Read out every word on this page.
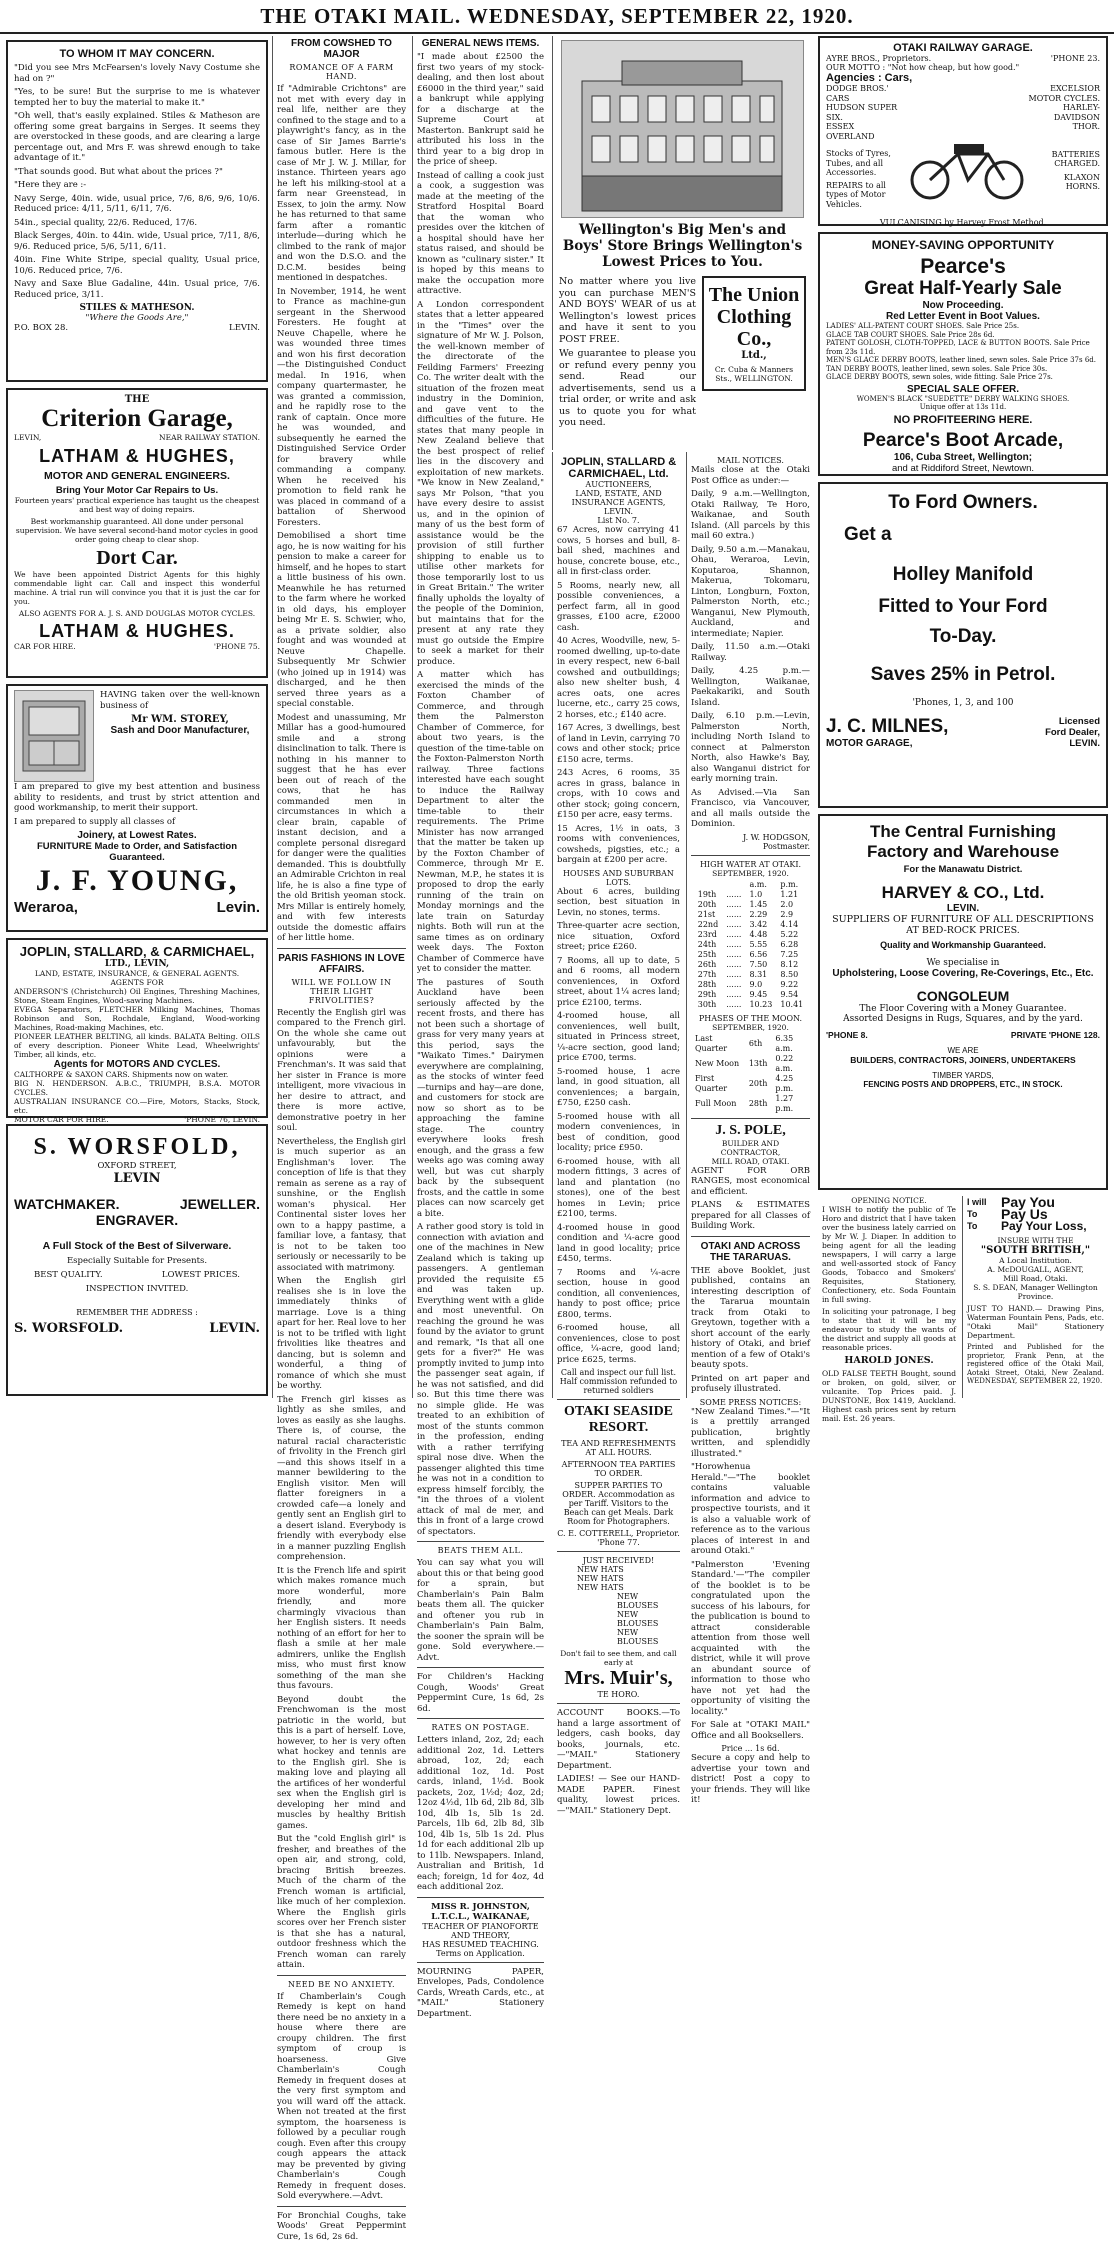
THE OTAKI MAIL. WEDNESDAY, SEPTEMBER 22, 1920.
TO WHOM IT MAY CONCERN.

"Did you see Mrs McFearsen's lovely Navy Costume she had on ?"

"Yes, to be sure! But the surprise to me is whatever tempted her to buy the material to make it."

"Oh well, that's easily explained. Stiles & Matheson are offering some great bargains in Serges. It seems they are overstocked in these goods, and are clearing a large percentage out, and Mrs F. was shrewd enough to take advantage of it."

"That sounds good. But what about the prices ?"

"Here they are :-

Navy Serge, 40in. wide, usual price, 7/6, 8/6, 9/6, 10/6. Reduced price: 4/11, 5/11, 6/11, 7/6.

54in., special quality, 22/6. Reduced, 17/6.

Black Serges, 40in. to 44in. wide, Usual price, 7/11, 8/6, 9/6. Reduced price, 5/6, 5/11, 6/11.

40in. Fine White Stripe, special quality, Usual price, 10/6. Reduced price, 7/6.

Navy and Saxe Blue Gadaline, 44in. Usual price, 7/6. Reduced price, 3/11.

STILES & MATHESON.
"Where the Goods Are,"
P.O. BOX 28.	LEVIN.
THE
Criterion Garage,
LEVIN,	NEAR RAILWAY STATION.
LATHAM & HUGHES,
MOTOR AND GENERAL ENGINEERS.
Bring Your Motor Car Repairs to Us.

Fourteen years' practical experience has taught us the cheapest and best way of doing repairs.

Best workmanship guaranteed. All done under personal supervision. We have several second-hand motor cycles in good order going cheap to clear shop.

Dort Car.

We have been appointed District Agents for this highly commendable light car. Call and inspect this wonderful machine. A trial run will convince you that it is just the car for you.

ALSO AGENTS FOR A. J. S. AND DOUGLAS MOTOR CYCLES.
LATHAM & HUGHES.
CAR FOR HIRE.	'PHONE 75.

HAVING taken over the well-known business of

Mr WM. STOREY,
Sash and Door Manufacturer,

I am prepared to give my best attention and business ability to residents, and trust by strict attention and good workmanship, to merit their support.

I am prepared to supply all classes of

Joinery, at Lowest Rates.
FURNITURE Made to Order, and Satisfaction Guaranteed.
J. F. YOUNG,
Weraroa,	Levin.
JOPLIN, STALLARD, & CARMICHAEL,
LTD., LEVIN,
LAND, ESTATE, INSURANCE, & GENERAL AGENTS.
AGENTS FOR

ANDERSON'S (Christchurch) Oil Engines, Threshing Machines, Stone, Steam Engines, Wood-sawing Machines.

EVEGA Separators, FLETCHER Milking Machines, Thomas Robinson and Son, Rochdale, England, Wood-working Machines, Road-making Machines, etc.

PIONEER LEATHER BELTING, all kinds. BALATA Belting. OILS of every description. Pioneer White Lead, Wheelwrights' Timber, all kinds, etc.

Agents for MOTORS AND CYCLES.

CALTHORPE & SAXON CARS. Shipments now on water.

BIG N. HENDERSON. A.B.C., TRIUMPH, B.S.A. MOTOR CYCLES.

AUSTRALIAN INSURANCE CO.—Fire, Motors, Stacks, Stock, etc.

MOTOR CAR FOR HIRE.	'PHONE 76, LEVIN.
S. WORSFOLD,
OXFORD STREET,
LEVIN
WATCHMAKER.	JEWELLER.
ENGRAVER.
A Full Stock of the Best of Silverware.
Especially Suitable for Presents.
BEST QUALITY.	LOWEST PRICES.
INSPECTION INVITED.
REMEMBER THE ADDRESS :
S. WORSFOLD.	LEVIN.
FROM COWSHED TO MAJOR
ROMANCE OF A FARM HAND.

If "Admirable Crichtons" are not met with every day in real life, neither are they confined to the stage and to a playwright's fancy, as in the case of Sir James Barrie's famous butler. Here is the case of Mr J. W. J. Millar, for instance. Thirteen years ago he left his milking-stool at a farm near Greenstead, in Essex, to join the army. Now he has returned to that same farm after a romantic interlude—during which he climbed to the rank of major and won the D.S.O. and the D.C.M. besides being mentioned in despatches.

In November, 1914, he went to France as machine-gun sergeant in the Sherwood Foresters. He fought at Neuve Chapelle, where he was wounded three times and won his first decoration—the Distinguished Conduct medal. In 1916, when company quartermaster, he was granted a commission, and he rapidly rose to the rank of captain. Once more he was wounded, and subsequently he earned the Distinguished Service Order for bravery while commanding a company. When he received his promotion to field rank he was placed in command of a battalion of Sherwood Foresters.

Demobilised a short time ago, he is now waiting for his pension to make a career for himself, and he hopes to start a little business of his own. Meanwhile he has returned to the farm where he worked in old days, his employer being Mr E. S. Schwier, who, as a private soldier, also fought and was wounded at Neuve Chapelle. Subsequently Mr Schwier (who joined up in 1914) was discharged, and he then served three years as a special constable.

Modest and unassuming, Mr Millar has a good-humoured smile and a strong disinclination to talk. There is nothing in his manner to suggest that he has ever been out of reach of the cows, that he has commanded men in circumstances in which a clear brain, capable of instant decision, and a complete personal disregard for danger were the qualities demanded. This is doubtfully an Admirable Crichton in real life, he is also a fine type of the old British yeoman stock. Mrs Millar is entirely homely, and with few interests outside the domestic affairs of her little home.

PARIS FASHIONS IN LOVE AFFAIRS.
WILL WE FOLLOW IN THEIR LIGHT FRIVOLITIES?

Recently the English girl was compared to the French girl. On the whole she came out unfavourably, but the opinions were a Frenchman's. It was said that her sister in France is more intelligent, more vivacious in her desire to attract, and there is more active, demonstrative poetry in her soul.

Nevertheless, the English girl is much superior as an Englishman's lover. The conception of life is that they remain as serene as a ray of sunshine, or the English woman's physical. Her Continental sister loves her own to a happy pastime, a familiar love, a fantasy, that is not to be taken too seriously or necessarily to be associated with matrimony.

When the English girl realises she is in love the immediately thinks of marriage. Love is a thing apart for her. Real love to her is not to be trifled with light frivolities like theatres and dancing, but is solemn and wonderful, a thing of romance of which she must be worthy.

The French girl kisses as lightly as she smiles, and loves as easily as she laughs. There is, of course, the natural racial characteristic of frivolity in the French girl—and this shows itself in a manner bewildering to the English visitor. Men will flatter foreigners in a crowded cafe—a lonely and gently sent an English girl to a desert island. Everybody is friendly with everybody else in a manner puzzling English comprehension.

It is the French life and spirit which makes romance much more wonderful, more friendly, and more charmingly vivacious than her English sisters. It needs nothing of an effort for her to flash a smile at her male admirers, unlike the English miss, who must first know something of the man she thus favours.

Beyond doubt the Frenchwoman is the most patriotic in the world, but this is a part of herself. Love, however, to her is very often what hockey and tennis are to the English girl. She is making love and playing all the artifices of her wonderful sex when the English girl is developing her mind and muscles by healthy British games.

But the "cold English girl" is fresher, and breathes of the open air, and strong, cold, bracing British breezes. Much of the charm of the French woman is artificial, like much of her complexion. Where the English girls scores over her French sister is that she has a natural, outdoor freshness which the French woman can rarely attain.

NEED BE NO ANXIETY.

If Chamberlain's Cough Remedy is kept on hand there need be no anxiety in a house where there are croupy children. The first symptom of croup is hoarseness. Give Chamberlain's Cough Remedy in frequent doses at the very first symptom and you will ward off the attack. When not treated at the first symptom, the hoarseness is followed by a peculiar rough cough. Even after this croupy cough appears the attack may be prevented by giving Chamberlain's Cough Remedy in frequent doses. Sold everywhere.—Advt.

For Bronchial Coughs, take Woods' Great Peppermint Cure, 1s 6d, 2s 6d.

GENERAL NEWS ITEMS.

"I made about £2500 the first two years of my stock-dealing, and then lost about £6000 in the third year," said a bankrupt while applying for a discharge at the Supreme Court at Masterton. Bankrupt said he attributed his loss in the third year to a big drop in the price of sheep.

Instead of calling a cook just a cook, a suggestion was made at the meeting of the Stratford Hospital Board that the woman who presides over the kitchen of a hospital should have her status raised, and should be known as "culinary sister." It is hoped by this means to make the occupation more attractive.

A London correspondent states that a letter appeared in the "Times" over the signature of Mr W. J. Polson, the well-known member of the directorate of the Feilding Farmers' Freezing Co. The writer dealt with the situation of the frozen meat industry in the Dominion, and gave vent to the difficulties of the future. He states that many people in New Zealand believe that the best prospect of relief lies in the discovery and exploitation of new markets. "We know in New Zealand," says Mr Polson, "that you have every desire to assist us, and in the opinion of many of us the best form of assistance would be the provision of still further shipping to enable us to utilise other markets for those temporarily lost to us in Great Britain." The writer finally upholds the loyalty of the people of the Dominion, but maintains that for the present at any rate they must go outside the Empire to seek a market for their produce.

A matter which has exercised the minds of the Foxton Chamber of Commerce, and through them the Palmerston Chamber of Commerce, for about two years, is the question of the time-table on the Foxton-Palmerston North railway. Three factions interested have each sought to induce the Railway Department to alter the time-table to their requirements. The Prime Minister has now arranged that the matter be taken up by the Foxton Chamber of Commerce, through Mr E. Newman, M.P., he states it is proposed to drop the early running of the train on Monday mornings and the late train on Saturday nights. Both will run at the same times as on ordinary week days. The Foxton Chamber of Commerce have yet to consider the matter.

The pastures of South Auckland have been seriously affected by the recent frosts, and there has not been such a shortage of grass for very many years at this period, says the "Waikato Times." Dairymen everywhere are complaining, as the stocks of winter feed—turnips and hay—are done, and customers for stock are now so short as to be approaching the famine stage. The country everywhere looks fresh enough, and the grass a few weeks ago was coming away well, but was cut sharply back by the subsequent frosts, and the cattle in some places can now scarcely get a bite.

A rather good story is told in connection with aviation and one of the machines in New Zealand which is taking up passengers. A gentleman provided the requisite £5 and was taken up. Everything went with a glide and most uneventful. On reaching the ground he was found by the aviator to grunt and remark, "Is that all one gets for a fiver?" He was promptly invited to jump into the passenger seat again, if he was not satisfied, and did so. But this time there was no simple glide. He was treated to an exhibition of most of the stunts common in the profession, ending with a rather terrifying spiral nose dive. When the passenger alighted this time he was not in a condition to express himself forcibly, the "in the throes of a violent attack of mal de mer, and this in front of a large crowd of spectators.

BEATS THEM ALL.

You can say what you will about this or that being good for a sprain, but Chamberlain's Pain Balm beats them all. The quicker and oftener you rub in Chamberlain's Pain Balm, the sooner the sprain will be gone. Sold everywhere.—Advt.

For Children's Hacking Cough, Woods' Great Peppermint Cure, 1s 6d, 2s 6d.

RATES ON POSTAGE.

Letters inland, 2oz, 2d; each additional 2oz, 1d. Letters abroad, 1oz, 2d; each additional 1oz, 1d. Post cards, inland, 1½d. Book packets, 2oz, 1½d; 4oz, 2d; 12oz 4½d, 1lb 6d, 2lb 8d, 3lb 10d, 4lb 1s, 5lb 1s 2d. Parcels, 1lb 6d, 2lb 8d, 3lb 10d, 4lb 1s, 5lb 1s 2d. Plus 1d for each additional 2lb up to 11lb. Newspapers. Inland, Australian and British, 1d each; foreign, 1d for 4oz, 4d each additional 2oz.

MISS R. JOHNSTON, L.T.C.L., WAIKANAE,
TEACHER OF PIANOFORTE AND THEORY,
HAS RESUMED TEACHING.
Terms on Application.

MOURNING PAPER, Envelopes, Pads, Condolence Cards, Wreath Cards, etc., at "MAIL" Stationery Department.

Wellington's Big Men's and Boys' Store Brings Wellington's Lowest Prices to You.

No matter where you live you can purchase MEN'S AND BOYS' WEAR of us at Wellington's lowest prices and have it sent to you POST FREE.

We guarantee to please you or refund every penny you send. Read our advertisements, send us a trial order, or write and ask us to quote you for what you need.

The Union Clothing Co.,
Ltd.,
Cr. Cuba & Manners Sts., WELLINGTON.
JOPLIN, STALLARD & CARMICHAEL, Ltd.
AUCTIONEERS,
LAND, ESTATE, AND INSURANCE AGENTS,
LEVIN.
List No. 7.

67 Acres, now carrying 41 cows, 5 horses and bull, 8-bail shed, machines and house, concrete bouse, etc., all in first-class order.

5 Rooms, nearly new, all possible conveniences, a perfect farm, all in good grasses, £100 acre, £2000 cash.

40 Acres, Woodville, new, 5-roomed dwelling, up-to-date in every respect, new 6-bail cowshed and outbuildings; also new shelter bush, 4 acres oats, one acres lucerne, etc., carry 25 cows, 2 horses, etc.; £140 acre.

167 Acres, 3 dwellings, best of land in Levin, carrying 70 cows and other stock; price £150 acre, terms.

243 Acres, 6 rooms, 35 acres in grass, balance in crops, with 10 cows and other stock; going concern, £150 per acre, easy terms.

15 Acres, 1½ in oats, 3 rooms with conveniences, cowsheds, pigsties, etc.; a bargain at £200 per acre.

HOUSES AND SUBURBAN LOTS.

About 6 acres, building section, best situation in Levin, no stones, terms.

Three-quarter acre section, nice situation, Oxford street; price £260.

7 Rooms, all up to date, 5 and 6 rooms, all modern conveniences, in Oxford street, about 1¼ acres land; price £2100, terms.

4-roomed house, all conveniences, well built, situated in Princess street, ¼-acre section, good land; price £700, terms.

5-roomed house, 1 acre land, in good situation, all conveniences; a bargain, £750, £250 cash.

5-roomed house with all modern conveniences, in best of condition, good locality; price £950.

6-roomed house, with all modern fittings, 3 acres of land and plantation (no stones), one of the best homes in Levin; price £2100, terms.

4-roomed house in good condition and ¼-acre good land in good locality; price £450, terms.

7 Rooms and ¼-acre section, house in good condition, all conveniences, handy to post office; price £800, terms.

6-roomed house, all conveniences, close to post office, ¼-acre, good land; price £625, terms.

Call and inspect our full list.
Half commission refunded to returned soldiers
OTAKI SEASIDE RESORT.
TEA AND REFRESHMENTS AT ALL HOURS.
AFTERNOON TEA PARTIES TO ORDER.
SUPPER PARTIES TO ORDER. Accommodation as per Tariff. Visitors to the Beach can get Meals. Dark Room for Photographers.
C. E. COTTERELL, Proprietor.
'Phone 77.
JUST RECEIVED!
NEW HATS
NEW HATS
NEW HATS
NEW BLOUSES
NEW BLOUSES
NEW BLOUSES
Don't fail to see them, and call early at
Mrs. Muir's,
TE HORO.

ACCOUNT BOOKS.—To hand a large assortment of ledgers, cash books, day books, journals, etc.—"MAIL" Stationery Department.

LADIES! — See our HAND-MADE PAPER. Finest quality, lowest prices.—"MAIL" Stationery Dept.

MAIL NOTICES.

Mails close at the Otaki Post Office as under:—

Daily, 9 a.m.—Wellington, Otaki Railway, Te Horo, Waikanae, and South Island. (All parcels by this mail 60 extra.)

Daily, 9.50 a.m.—Manakau, Ohau, Weraroa, Levin, Koputaroa, Shannon, Makerua, Tokomaru, Linton, Longburn, Foxton, Palmerston North, etc.; Wanganui, New Plymouth, Auckland, and intermediate; Napier.

Daily, 11.50 a.m.—Otaki Railway.

Daily, 4.25 p.m.—Wellington, Waikanae, Paekakariki, and South Island.

Daily, 6.10 p.m.—Levin, Palmerston North, including North Island to connect at Palmerston North, also Hawke's Bay, also Wanganui district for early morning train.

As Advised.—Via San Francisco, via Vancouver, and all mails outside the Dominion.

J. W. HODGSON,
Postmaster.
HIGH WATER AT OTAKI.
SEPTEMBER, 1920.
		a.m.	p.m.
19th	......	1.0	1.21
20th	......	1.45	2.0
21st	......	2.29	2.9
22nd	......	3.42	4.14
23rd	......	4.48	5.22
24th	......	5.55	6.28
25th	......	6.56	7.25
26th	......	7.50	8.12
27th	......	8.31	8.50
28th	......	9.0	9.22
29th	......	9.45	9.54
30th	......	10.23	10.41
PHASES OF THE MOON.
SEPTEMBER, 1920.
Last Quarter	6th	6.35 a.m.
New Moon	13th	0.22 a.m.
First Quarter	20th	4.25 p.m.
Full Moon	28th	1.27 p.m.
J. S. POLE,
BUILDER AND CONTRACTOR,
MILL ROAD, OTAKI.

AGENT FOR ORB RANGES, most economical and efficient.

PLANS & ESTIMATES prepared for all Classes of Building Work.

OTAKI AND ACROSS THE TARARUAS.

THE above Booklet, just published, contains an interesting description of the Tararua mountain track from Otaki to Greytown, together with a short account of the early history of Otaki, and brief mention of a few of Otaki's beauty spots.

Printed on art paper and profusely illustrated.

SOME PRESS NOTICES:

"New Zealand Times."—"It is a prettily arranged publication, brightly written, and splendidly illustrated."

"Horowhenua Herald."—"The booklet contains valuable information and advice to prospective tourists, and it is also a valuable work of reference as to the various places of interest in and around Otaki."

"Palmerston 'Evening Standard.'—"The compiler of the booklet is to be congratulated upon the success of his labours, for the publication is bound to attract considerable attention from those well acquainted with the district, while it will prove an abundant source of information to those who have not yet had the opportunity of visiting the locality."

For Sale at "OTAKI MAIL" Office and all Booksellers.

Price ... 1s 6d.

Secure a copy and help to advertise your town and district! Post a copy to your friends. They will like it!

OTAKI RAILWAY GARAGE.
AYRE BROS., Proprietors.	'PHONE 23.
OUR MOTTO : "Not how cheap, but how good."
Agencies : Cars,
DODGE BROS.' CARS
HUDSON SUPER SIX.
ESSEX
OVERLAND
Stocks of Tyres, Tubes, and all Accessories.
REPAIRS to all types of Motor Vehicles.
EXCELSIOR
MOTOR CYCLES.
HARLEY-DAVIDSON
THOR.
BATTERIES CHARGED.
KLAXON HORNS.
VULCANISING by Harvey Frost Method.
MONEY-SAVING OPPORTUNITY
Pearce's
Great Half-Yearly Sale
Now Proceeding.
Red Letter Event in Boot Values.
LADIES' ALL-PATENT COURT SHOES. Sale Price 25s.
GLACE TAB COURT SHOES. Sale Price 28s 6d.
PATENT GOLOSH, CLOTH-TOPPED, LACE & BUTTON BOOTS. Sale Price from 23s 11d.
MEN'S GLACE DERBY BOOTS, leather lined, sewn soles. Sale Price 37s 6d.
TAN DERBY BOOTS, leather lined, sewn soles. Sale Price 30s.
GLACE DERBY BOOTS, sewn soles, wide fitting. Sale Price 27s.
SPECIAL SALE OFFER.
WOMEN'S BLACK "SUEDETTE" DERBY WALKING SHOES.
Unique offer at 13s 11d.
NO PROFITEERING HERE.
Pearce's Boot Arcade,
106, Cuba Street, Wellington;
and at Riddiford Street, Newtown.
To Ford Owners.
Get a
Holley Manifold
Fitted to Your Ford
To-Day.
Saves 25% in Petrol.
'Phones, 1, 3, and 100
J. C. MILNES,
MOTOR GARAGE,
Licensed
Ford Dealer,
LEVIN.
The Central Furnishing
Factory and Warehouse
For the Manawatu District.
HARVEY & CO., Ltd.
LEVIN.
SUPPLIERS OF FURNITURE OF ALL DESCRIPTIONS AT BED-ROCK PRICES.
Quality and Workmanship Guaranteed.
We specialise in
Upholstering, Loose Covering, Re-Coverings, Etc., Etc.
CONGOLEUM
The Floor Covering with a Money Guarantee.
Assorted Designs in Rugs, Squares, and by the yard.
'PHONE 8.	PRIVATE 'PHONE 128.
WE ARE
BUILDERS, CONTRACTORS, JOINERS, UNDERTAKERS
TIMBER YARDS,
FENCING POSTS AND DROPPERS, ETC., IN STOCK.
OPENING NOTICE.

I WISH to notify the public of Te Horo and district that I have taken over the business lately carried on by Mr W. J. Diaper. In addition to being agent for all the leading newspapers, I will carry a large and well-assorted stock of Fancy Goods, Tobacco and Smokers' Requisites, Stationery, Confectionery, etc. Soda Fountain in full swing.

In soliciting your patronage, I beg to state that it will be my endeavour to study the wants of the district and supply all goods at reasonable prices.

HAROLD JONES.

OLD FALSE TEETH Bought, sound or broken, on gold, silver, or vulcanite. Top Prices paid. J. DUNSTONE, Box 1419, Auckland. Highest cash prices sent by return mail. Est. 26 years.

I will	Pay You
To	Pay Us
To	Pay Your Loss,
INSURE WITH THE
"SOUTH BRITISH,"
A Local Institution.
A. McDOUGALL, AGENT,
Mill Road, Otaki.
S. S. DEAN, Manager Wellington Province.

JUST TO HAND.— Drawing Pins, Waterman Fountain Pens, Pads, etc. "Otaki Mail" Stationery Department.

Printed and Published for the proprietor, Frank Penn, at the registered office of the Otaki Mail, Aotaki Street, Otaki, New Zealand. WEDNESDAY, SEPTEMBER 22, 1920.
